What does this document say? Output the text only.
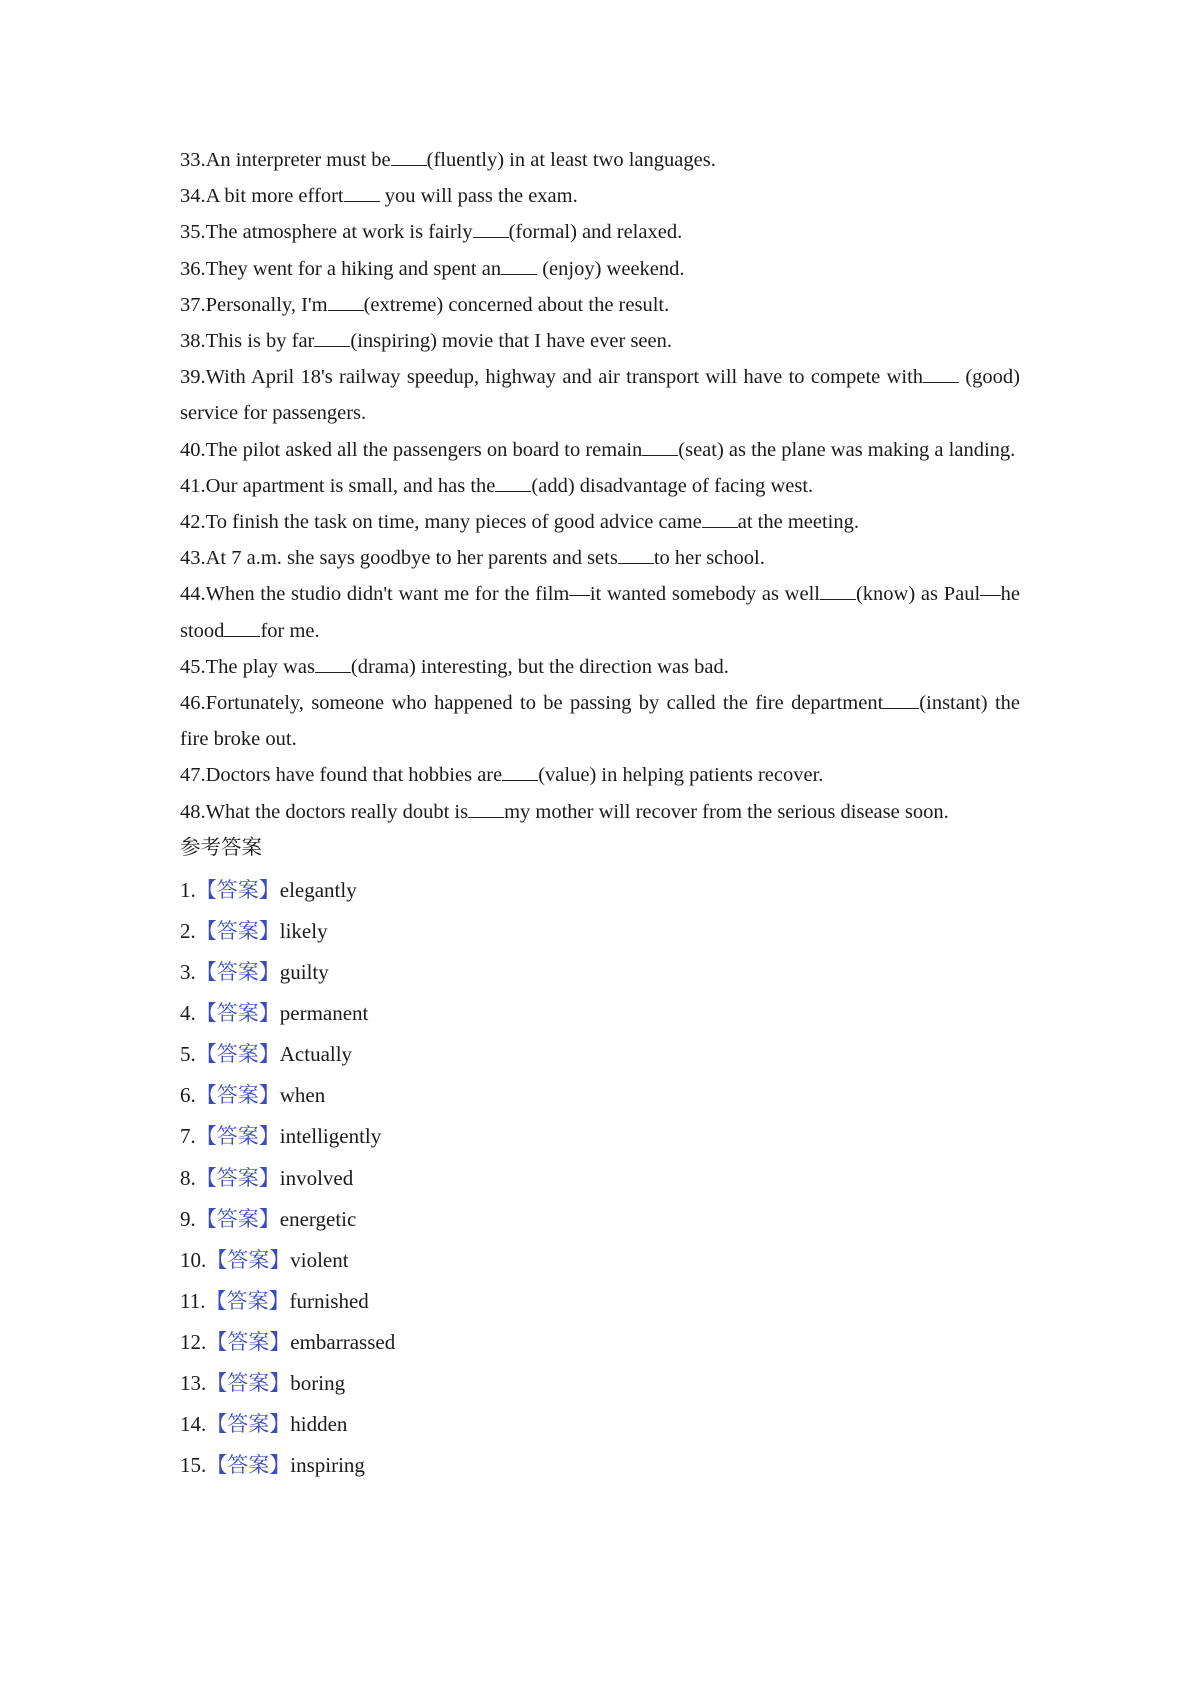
33.An interpreter must be (fluently) in at least two languages.

34.A bit more effort you will pass the exam.

35.The atmosphere at work is fairly (formal) and relaxed.

36.They went for a hiking and spent an (enjoy) weekend.

37.Personally, I'm (extreme) concerned about the result.

38.This is by far (inspiring) movie that I have ever seen.

39.With April 18's railway speedup, highway and air transport will have to compete with (good) service for passengers.

40.The pilot asked all the passengers on board to remain (seat) as the plane was making a landing.

41.Our apartment is small, and has the (add) disadvantage of facing west.

42.To finish the task on time, many pieces of good advice came at the meeting.

43.At 7 a.m. she says goodbye to her parents and sets to her school.

44.When the studio didn't want me for the film—it wanted somebody as well (know) as Paul—he stood for me.

45.The play was (drama) interesting, but the direction was bad.

46.Fortunately, someone who happened to be passing by called the fire department (instant) the fire broke out.

47.Doctors have found that hobbies are (value) in helping patients recover.

48.What the doctors really doubt is my mother will recover from the serious disease soon.

参考答案

1.【答案】elegantly

2.【答案】likely

3.【答案】guilty

4.【答案】permanent

5.【答案】Actually

6.【答案】when

7.【答案】intelligently

8.【答案】involved

9.【答案】energetic

10.【答案】violent

11.【答案】furnished

12.【答案】embarrassed

13.【答案】boring

14.【答案】hidden

15.【答案】inspiring
